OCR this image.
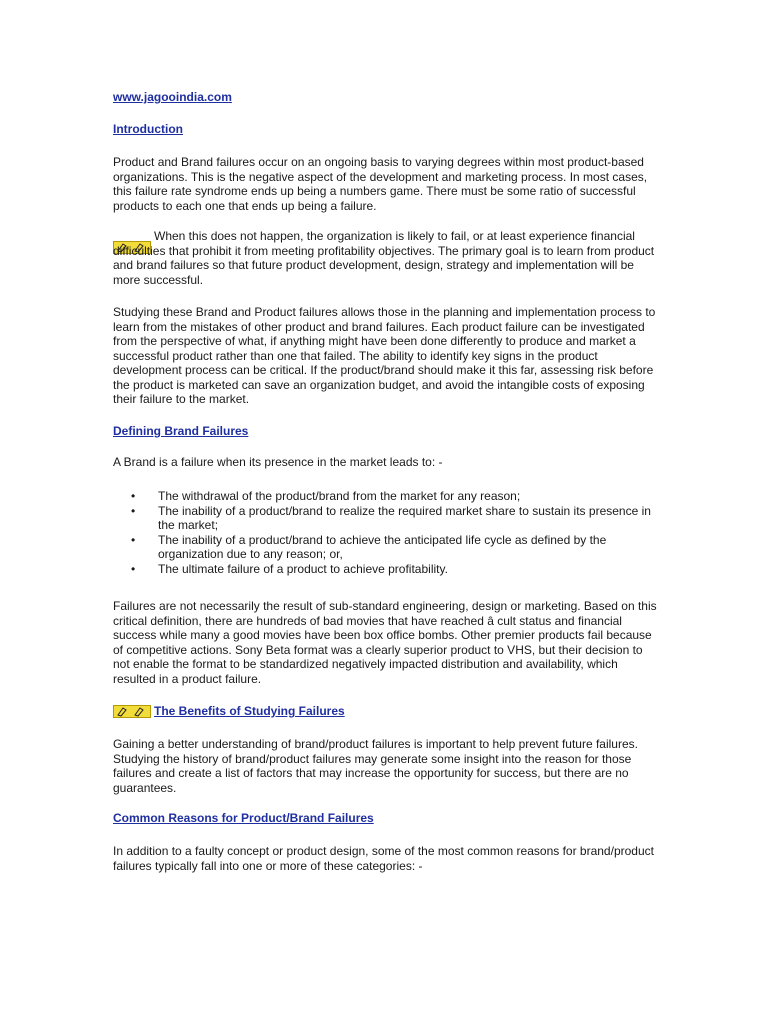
www.jagooindia.com
Introduction

Product and Brand failures occur on an ongoing basis to varying degrees within most product-based organizations. This is the negative aspect of the development and marketing process. In most cases, this failure rate syndrome ends up being a numbers game. There must be some ratio of successful products to each one that ends up being a failure.

When this does not happen, the organization is likely to fail, or at least experience financial difficulties that prohibit it from meeting profitability objectives. The primary goal is to learn from product and brand failures so that future product development, design, strategy and implementation will be more successful.

Studying these Brand and Product failures allows those in the planning and implementation process to learn from the mistakes of other product and brand failures. Each product failure can be investigated from the perspective of what, if anything might have been done differently to produce and market a successful product rather than one that failed. The ability to identify key signs in the product development process can be critical. If the product/brand should make it this far, assessing risk before the product is marketed can save an organization budget, and avoid the intangible costs of exposing their failure to the market.

Defining Brand Failures

A Brand is a failure when its presence in the market leads to: -

• The withdrawal of the product/brand from the market for any reason;
• The inability of a product/brand to realize the required market share to sustain its presence in the market;
• The inability of a product/brand to achieve the anticipated life cycle as defined by the organization due to any reason; or,
• The ultimate failure of a product to achieve profitability.

Failures are not necessarily the result of sub-standard engineering, design or marketing. Based on this critical definition, there are hundreds of bad movies that have reached â cult status and financial success while many a good movies have been box office bombs. Other premier products fail because of competitive actions. Sony Beta format was a clearly superior product to VHS, but their decision to not enable the format to be standardized negatively impacted distribution and availability, which resulted in a product failure.

The Benefits of Studying Failures

Gaining a better understanding of brand/product failures is important to help prevent future failures. Studying the history of brand/product failures may generate some insight into the reason for those failures and create a list of factors that may increase the opportunity for success, but there are no guarantees.

Common Reasons for Product/Brand Failures

In addition to a faulty concept or product design, some of the most common reasons for brand/product failures typically fall into one or more of these categories: -
